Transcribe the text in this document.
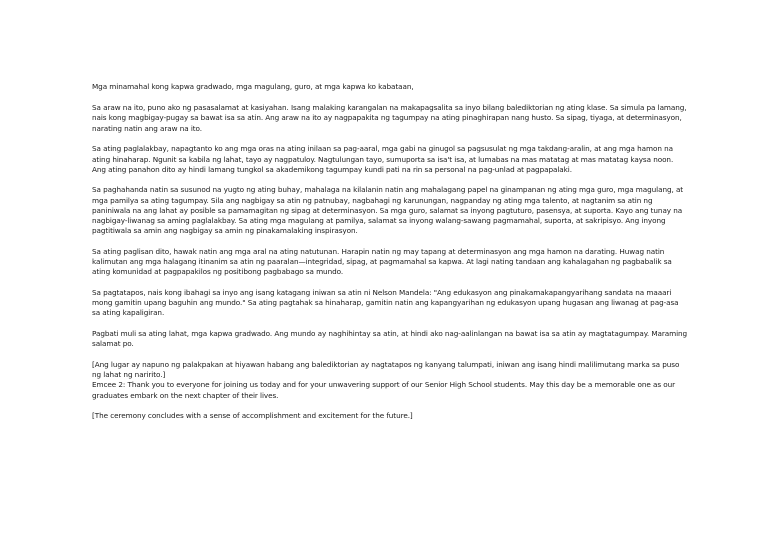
Mga minamahal kong kapwa gradwado, mga magulang, guro, at mga kapwa ko kabataan,

Sa araw na ito, puno ako ng pasasalamat at kasiyahan. Isang malaking karangalan na makapagsalita sa inyo bilang balediktorian ng ating klase. Sa simula pa lamang, nais kong magbigay-pugay sa bawat isa sa atin. Ang araw na ito ay nagpapakita ng tagumpay na ating pinaghirapan nang husto. Sa sipag, tiyaga, at determinasyon, narating natin ang araw na ito.

Sa ating paglalakbay, napagtanto ko ang mga oras na ating inilaan sa pag-aaral, mga gabi na ginugol sa pagsusulat ng mga takdang-aralin, at ang mga hamon na ating hinaharap. Ngunit sa kabila ng lahat, tayo ay nagpatuloy. Nagtulungan tayo, sumuporta sa isa't isa, at lumabas na mas matatag at mas matatag kaysa noon. Ang ating panahon dito ay hindi lamang tungkol sa akademikong tagumpay kundi pati na rin sa personal na pag-unlad at pagpapalaki.

Sa paghahanda natin sa susunod na yugto ng ating buhay, mahalaga na kilalanin natin ang mahalagang papel na ginampanan ng ating mga guro, mga magulang, at mga pamilya sa ating tagumpay. Sila ang nagbigay sa atin ng patnubay, nagbahagi ng karunungan, nagpanday ng ating mga talento, at nagtanim sa atin ng paniniwala na ang lahat ay posible sa pamamagitan ng sipag at determinasyon. Sa mga guro, salamat sa inyong pagtuturo, pasensya, at suporta. Kayo ang tunay na nagbigay-liwanag sa aming paglalakbay. Sa ating mga magulang at pamilya, salamat sa inyong walang-sawang pagmamahal, suporta, at sakripisyo. Ang inyong pagtitiwala sa amin ang nagbigay sa amin ng pinakamalaking inspirasyon.

Sa ating paglisan dito, hawak natin ang mga aral na ating natutunan. Harapin natin ng may tapang at determinasyon ang mga hamon na darating. Huwag natin kalimutan ang mga halagang itinanim sa atin ng paaralan—integridad, sipag, at pagmamahal sa kapwa. At lagi nating tandaan ang kahalagahan ng pagbabalik sa ating komunidad at pagpapakilos ng positibong pagbabago sa mundo.

Sa pagtatapos, nais kong ibahagi sa inyo ang isang katagang iniwan sa atin ni Nelson Mandela: "Ang edukasyon ang pinakamakapangyarihang sandata na maaari mong gamitin upang baguhin ang mundo." Sa ating pagtahak sa hinaharap, gamitin natin ang kapangyarihan ng edukasyon upang hugasan ang liwanag at pag-asa sa ating kapaligiran.

Pagbati muli sa ating lahat, mga kapwa gradwado. Ang mundo ay naghihintay sa atin, at hindi ako nag-aalinlangan na bawat isa sa atin ay magtatagumpay. Maraming salamat po.

[Ang lugar ay napuno ng palakpakan at hiyawan habang ang balediktorian ay nagtatapos ng kanyang talumpati, iniwan ang isang hindi malilimutang marka sa puso ng lahat ng naririto.]

Emcee 2: Thank you to everyone for joining us today and for your unwavering support of our Senior High School students. May this day be a memorable one as our graduates embark on the next chapter of their lives.

[The ceremony concludes with a sense of accomplishment and excitement for the future.]
